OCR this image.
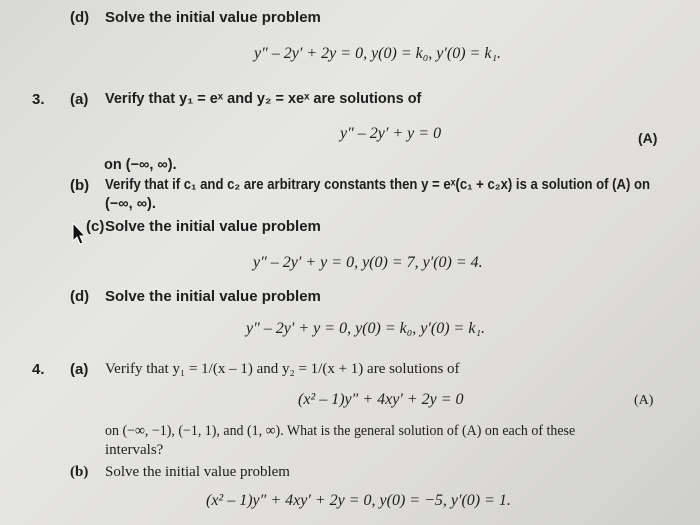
(d) Solve the initial value problem
y″ – 2y′ + 2y = 0, y(0) = k₀, y′(0) = k₁.
3. (a) Verify that y₁ = eˣ and y₂ = xeˣ are solutions of
y″ – 2y′ + y = 0	(A)
on (−∞, ∞).
(b) Verify that if c₁ and c₂ are arbitrary constants then y = eˣ(c₁ + c₂x) is a solution of (A) on
(−∞, ∞).
(c) Solve the initial value problem
y″ – 2y′ + y = 0, y(0) = 7, y′(0) = 4.
(d) Solve the initial value problem
y″ – 2y′ + y = 0, y(0) = k₀, y′(0) = k₁.
4. (a) Verify that y₁ = 1/(x – 1) and y₂ = 1/(x + 1) are solutions of
(x² – 1)y″ + 4xy′ + 2y = 0	(A)
on (−∞, −1), (−1, 1), and (1, ∞). What is the general solution of (A) on each of these
intervals?
(b) Solve the initial value problem
(x² – 1)y″ + 4xy′ + 2y = 0, y(0) = −5, y′(0) = 1.
